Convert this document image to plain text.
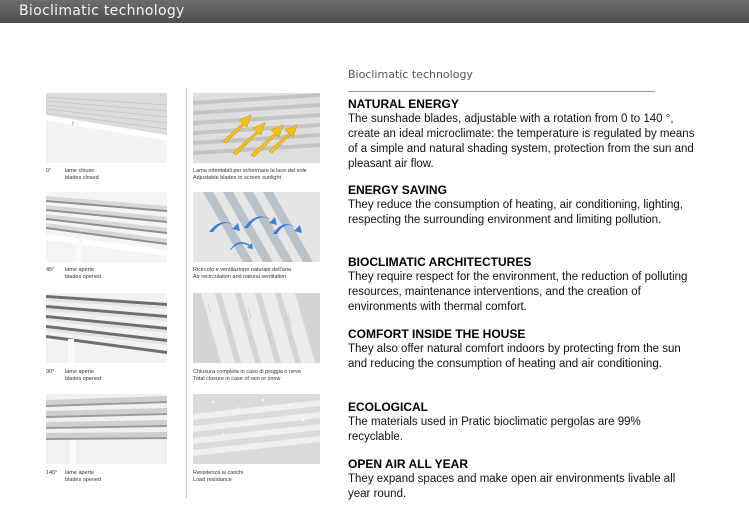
Bioclimatic technology
0° lame chiuse
blades closed
45° lame aperte
blades opened
90° lame aperte
blades opened
140° lame aperte
blades opened
Lame orientabili per schermare la luce del sole
Adjustable blades to screen sunlight
Ricircolo e ventilazione naturale dell'aria
Air recirculation and natural ventilation
Chiusura completa in caso di pioggia o neve
Total closure in case of rain or snow
Resistenza ai carichi
Load resistance
Bioclimatic technology
NATURAL ENERGY

The sunshade blades, adjustable with a rotation from 0 to 140 °, create an ideal microclimate: the temperature is regulated by means of a simple and natural shading system, protection from the sun and pleasant air flow.

ENERGY SAVING

They reduce the consumption of heating, air conditioning, lighting, respecting the surrounding environment and limiting pollution.

BIOCLIMATIC ARCHITECTURES

They require respect for the environment, the reduction of polluting resources, maintenance interventions, and the creation of environments with thermal comfort.

COMFORT INSIDE THE HOUSE

They also offer natural comfort indoors by protecting from the sun and reducing the consumption of heating and air conditioning.

ECOLOGICAL

The materials used in Pratic bioclimatic pergolas are 99% recyclable.

OPEN AIR ALL YEAR

They expand spaces and make open air environments livable all year round.
